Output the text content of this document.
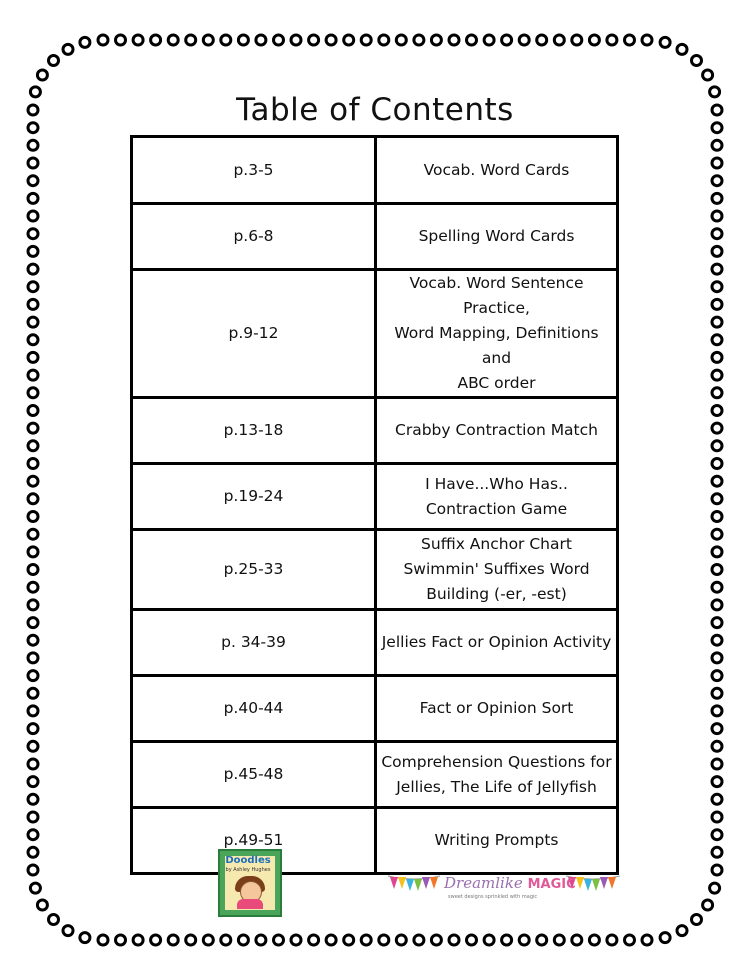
Table of Contents
p.3-5	Vocab. Word Cards
p.6-8	Spelling Word Cards
p.9-12	Vocab. Word Sentence Practice,
Word Mapping, Definitions and
ABC order
p.13-18	Crabby Contraction Match
p.19-24	I Have...Who Has..
Contraction Game
p.25-33	Suffix Anchor Chart
Swimmin' Suffixes Word
Building (-er, -est)
p. 34-39	Jellies Fact or Opinion Activity
p.40-44	Fact or Opinion Sort
p.45-48	Comprehension Questions for
Jellies, The Life of Jellyfish
p.49-51	Writing Prompts
Doodles
by Ashley Hughes
Dreamlike MAGIC
sweet designs sprinkled with magic
